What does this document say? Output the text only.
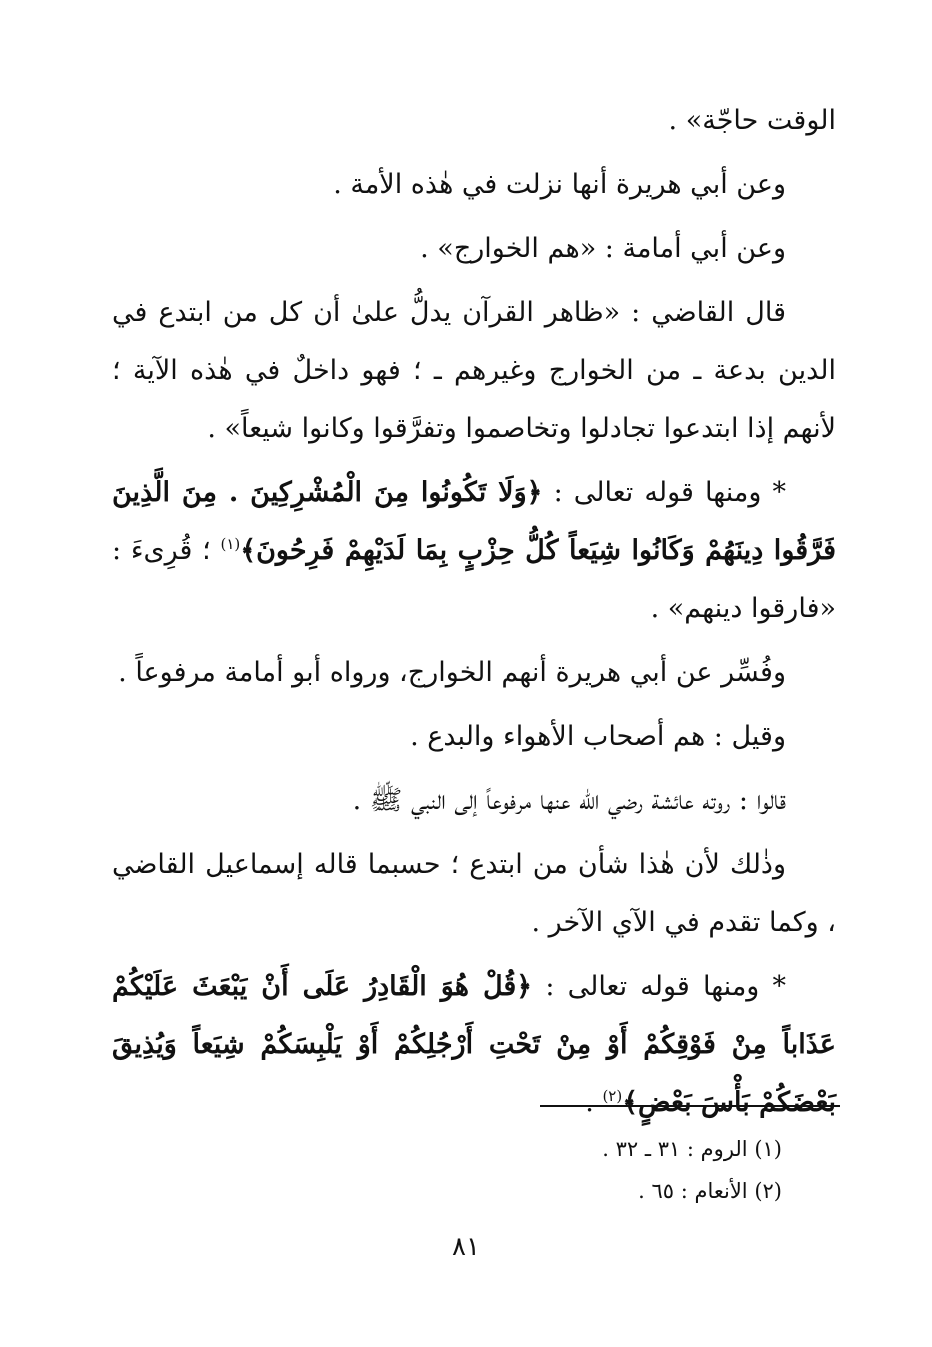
الوقت حاجّة» .

وعن أبي هريرة أنها نزلت في هٰذه الأمة .

وعن أبي أمامة : «هم الخوارج» .

قال القاضي : «ظاهر القرآن يدلُّ علىٰ أن كل من ابتدع في الدين بدعة ـ من الخوارج وغيرهم ـ ؛ فهو داخلٌ في هٰذه الآية ؛ لأنهم إذا ابتدعوا تجادلوا وتخاصموا وتفرَّقوا وكانوا شيعاً» .

* ومنها قوله تعالى : ﴿وَلَا تَكُونُوا مِنَ الْمُشْرِكِينَ . مِنَ الَّذِينَ فَرَّقُوا دِينَهُمْ وَكَانُوا شِيَعاً كُلُّ حِزْبٍ بِمَا لَدَيْهِمْ فَرِحُونَ﴾$^{(١)}$ ؛ قُرِىءَ : «فارقوا دينهم» .

وفُسِّر عن أبي هريرة أنهم الخوارج، ورواه أبو أمامة مرفوعاً .

وقيل : هم أصحاب الأهواء والبدع .

قالوا : روته عائشة رضي الله عنها مرفوعاً إلى النبي ﷺ .

وذٰلك لأن هٰذا شأن من ابتدع ؛ حسبما قاله إسماعيل القاضي ، وكما تقدم في الآي الآخر .

* ومنها قوله تعالى : ﴿قُلْ هُوَ الْقَادِرُ عَلَى أَنْ يَبْعَثَ عَلَيْكُمْ عَذَاباً مِنْ فَوْقِكُمْ أَوْ مِنْ تَحْتِ أَرْجُلِكُمْ أَوْ يَلْبِسَكُمْ شِيَعاً وَيُذِيقَ بَعْضَكُمْ بَأْسَ بَعْضٍ﴾$^{(٢)}$ .

(١) الروم : ٣١ ـ ٣٢ .

(٢) الأنعام : ٦٥ .

٨١
